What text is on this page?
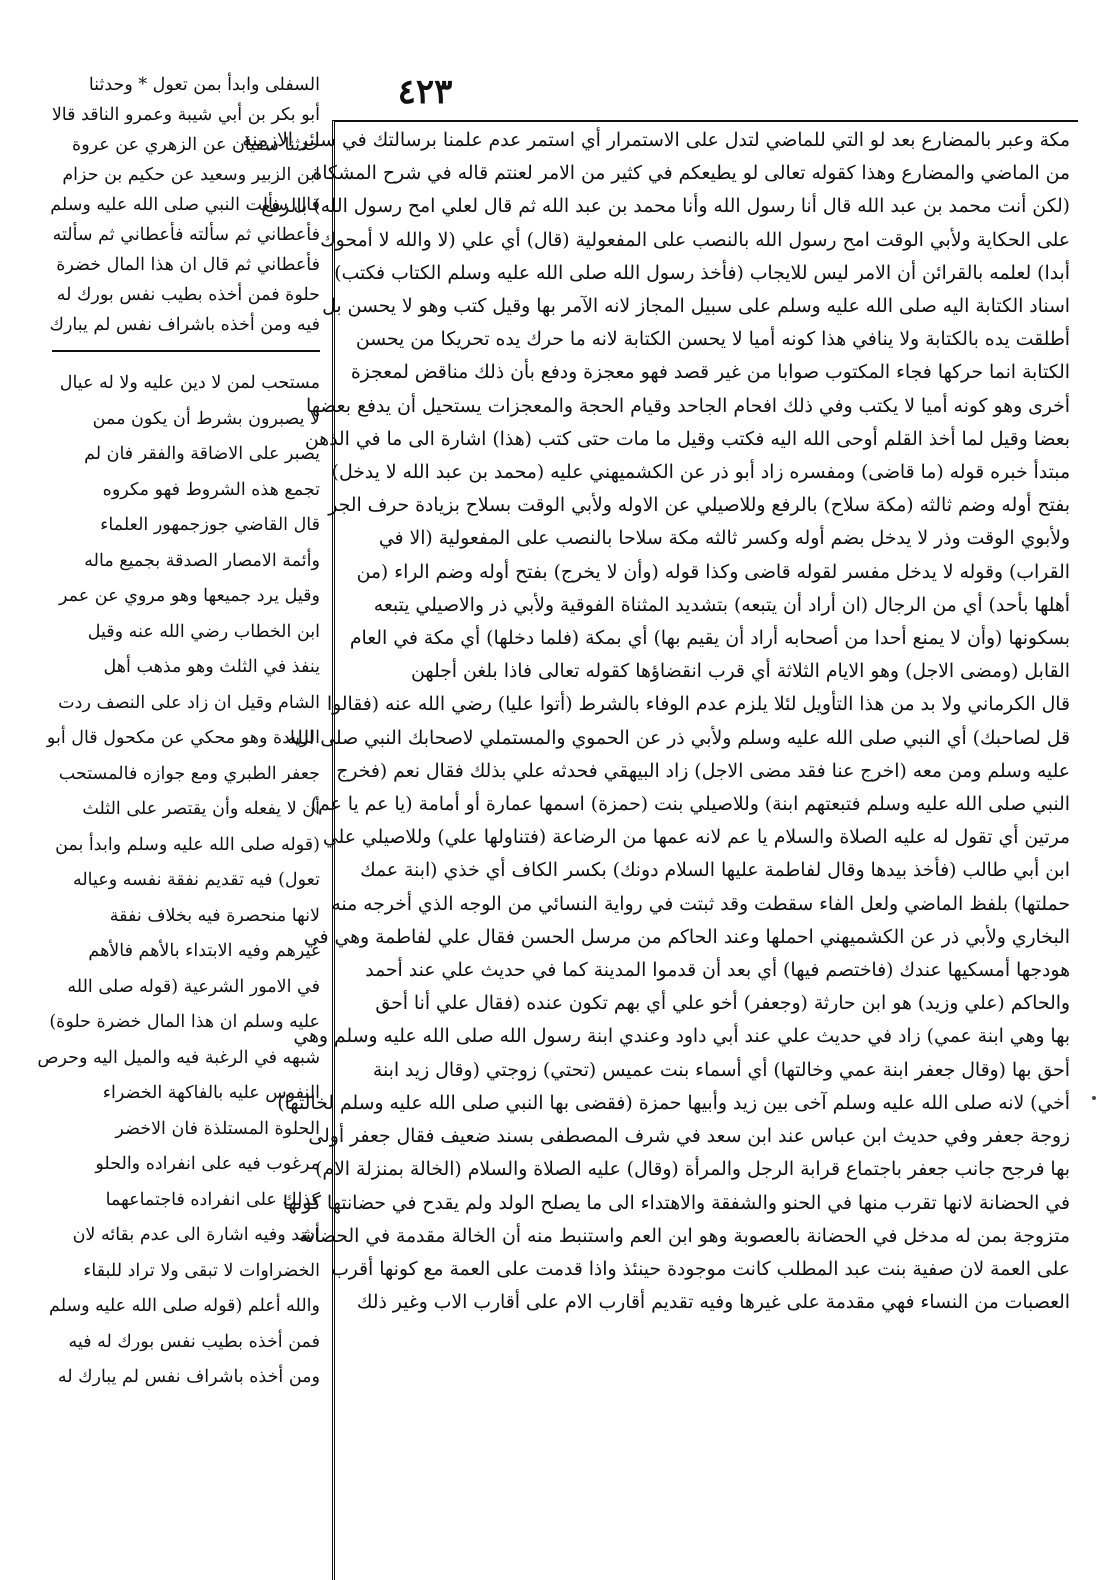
٤٢٣
السفلى وابدأ بمن تعول * وحدثنا
أبو بكر بن أبي شيبة وعمرو الناقد قالا
حدثنا سفيان عن الزهري عن عروة
ابن الزبير وسعيد عن حكيم بن حزام
قال سألت النبي صلى الله عليه وسلم
فأعطاني ثم سألته فأعطاني ثم سألته
فأعطاني ثم قال ان هذا المال خضرة
حلوة فمن أخذه بطيب نفس بورك له
فيه ومن أخذه باشراف نفس لم يبارك
مستحب لمن لا دين عليه ولا له عيال
لا يصبرون بشرط أن يكون ممن
يصبر على الاضاقة والفقر فان لم
تجمع هذه الشروط فهو مكروه
قال القاضي جوزجمهور العلماء
وأئمة الامصار الصدقة بجميع ماله
وقيل يرد جميعها وهو مروي عن عمر
ابن الخطاب رضي الله عنه وقيل
ينفذ في الثلث وهو مذهب أهل
الشام وقيل ان زاد على النصف ردت
الزيادة وهو محكي عن مكحول قال أبو
جعفر الطبري ومع جوازه فالمستحب
أن لا يفعله وأن يقتصر على الثلث
(قوله صلى الله عليه وسلم وابدأ بمن
تعول) فيه تقديم نفقة نفسه وعياله
لانها منحصرة فيه بخلاف نفقة
غيرهم وفيه الابتداء بالأهم فالأهم
في الامور الشرعية (قوله صلى الله
عليه وسلم ان هذا المال خضرة حلوة)
شبهه في الرغبة فيه والميل اليه وحرص
النفوس عليه بالفاكهة الخضراء
الحلوة المستلذة فان الاخضر
مرغوب فيه على انفراده والحلو
كذلك على انفراده فاجتماعهما
أشد وفيه اشارة الى عدم بقائه لان
الخضراوات لا تبقى ولا تراد للبقاء
والله أعلم (قوله صلى الله عليه وسلم
فمن أخذه بطيب نفس بورك له فيه
ومن أخذه باشراف نفس لم يبارك له
مكة وعبر بالمضارع بعد لو التي للماضي لتدل على الاستمرار أي استمر عدم علمنا برسالتك في سائر الازمنة
من الماضي والمضارع وهذا كقوله تعالى لو يطيعكم في كثير من الامر لعنتم قاله في شرح المشكاة
(لكن أنت محمد بن عبد الله قال أنا رسول الله وأنا محمد بن عبد الله ثم قال لعلي امح رسول الله) بالرفع
على الحكاية ولأبي الوقت امح رسول الله بالنصب على المفعولية (قال) أي علي (لا والله لا أمحوك
أبدا) لعلمه بالقرائن أن الامر ليس للايجاب (فأخذ رسول الله صلى الله عليه وسلم الكتاب فكتب)
اسناد الكتابة اليه صلى الله عليه وسلم على سبيل المجاز لانه الآمر بها وقيل كتب وهو لا يحسن بل
أطلقت يده بالكتابة ولا ينافي هذا كونه أميا لا يحسن الكتابة لانه ما حرك يده تحريكا من يحسن
الكتابة انما حركها فجاء المكتوب صوابا من غير قصد فهو معجزة ودفع بأن ذلك مناقض لمعجزة
أخرى وهو كونه أميا لا يكتب وفي ذلك افحام الجاحد وقيام الحجة والمعجزات يستحيل أن يدفع بعضها
بعضا وقيل لما أخذ القلم أوحى الله اليه فكتب وقيل ما مات حتى كتب (هذا) اشارة الى ما في الذهن
مبتدأ خبره قوله (ما قاضى) ومفسره زاد أبو ذر عن الكشميهني عليه (محمد بن عبد الله لا يدخل)
بفتح أوله وضم ثالثه (مكة سلاح) بالرفع وللاصيلي عن الاوله ولأبي الوقت بسلاح بزيادة حرف الجر
ولأبوي الوقت وذر لا يدخل بضم أوله وكسر ثالثه مكة سلاحا بالنصب على المفعولية (الا في
القراب) وقوله لا يدخل مفسر لقوله قاضى وكذا قوله (وأن لا يخرج) بفتح أوله وضم الراء (من
أهلها بأحد) أي من الرجال (ان أراد أن يتبعه) بتشديد المثناة الفوقية ولأبي ذر والاصيلي يتبعه
بسكونها (وأن لا يمنع أحدا من أصحابه أراد أن يقيم بها) أي بمكة (فلما دخلها) أي مكة في العام
القابل (ومضى الاجل) وهو الايام الثلاثة أي قرب انقضاؤها كقوله تعالى فاذا بلغن أجلهن
قال الكرماني ولا بد من هذا التأويل لئلا يلزم عدم الوفاء بالشرط (أتوا عليا) رضي الله عنه (فقالوا
قل لصاحبك) أي النبي صلى الله عليه وسلم ولأبي ذر عن الحموي والمستملي لاصحابك النبي صلى الله
عليه وسلم ومن معه (اخرج عنا فقد مضى الاجل) زاد البيهقي فحدثه علي بذلك فقال نعم (فخرج
النبي صلى الله عليه وسلم فتبعتهم ابنة) وللاصيلي بنت (حمزة) اسمها عمارة أو أمامة (يا عم يا عم)
مرتين أي تقول له عليه الصلاة والسلام يا عم لانه عمها من الرضاعة (فتناولها علي) وللاصيلي علي
ابن أبي طالب (فأخذ بيدها وقال لفاطمة عليها السلام دونك) بكسر الكاف أي خذي (ابنة عمك
حملتها) بلفظ الماضي ولعل الفاء سقطت وقد ثبتت في رواية النسائي من الوجه الذي أخرجه منه
البخاري ولأبي ذر عن الكشميهني احملها وعند الحاكم من مرسل الحسن فقال علي لفاطمة وهي في
هودجها أمسكيها عندك (فاختصم فيها) أي بعد أن قدموا المدينة كما في حديث علي عند أحمد
والحاكم (علي وزيد) هو ابن حارثة (وجعفر) أخو علي أي بهم تكون عنده (فقال علي أنا أحق
بها وهي ابنة عمي) زاد في حديث علي عند أبي داود وعندي ابنة رسول الله صلى الله عليه وسلم وهي
أحق بها (وقال جعفر ابنة عمي وخالتها) أي أسماء بنت عميس (تحتي) زوجتي (وقال زيد ابنة
أخي) لانه صلى الله عليه وسلم آخى بين زيد وأبيها حمزة (فقضى بها النبي صلى الله عليه وسلم لخالتها)
زوجة جعفر وفي حديث ابن عباس عند ابن سعد في شرف المصطفى بسند ضعيف فقال جعفر أولى
بها فرجح جانب جعفر باجتماع قرابة الرجل والمرأة (وقال) عليه الصلاة والسلام (الخالة بمنزلة الام)
في الحضانة لانها تقرب منها في الحنو والشفقة والاهتداء الى ما يصلح الولد ولم يقدح في حضانتها كونها
متزوجة بمن له مدخل في الحضانة بالعصوبة وهو ابن العم واستنبط منه أن الخالة مقدمة في الحضانة
على العمة لان صفية بنت عبد المطلب كانت موجودة حينئذ واذا قدمت على العمة مع كونها أقرب
العصبات من النساء فهي مقدمة على غيرها وفيه تقديم أقارب الام على أقارب الاب وغير ذلك
